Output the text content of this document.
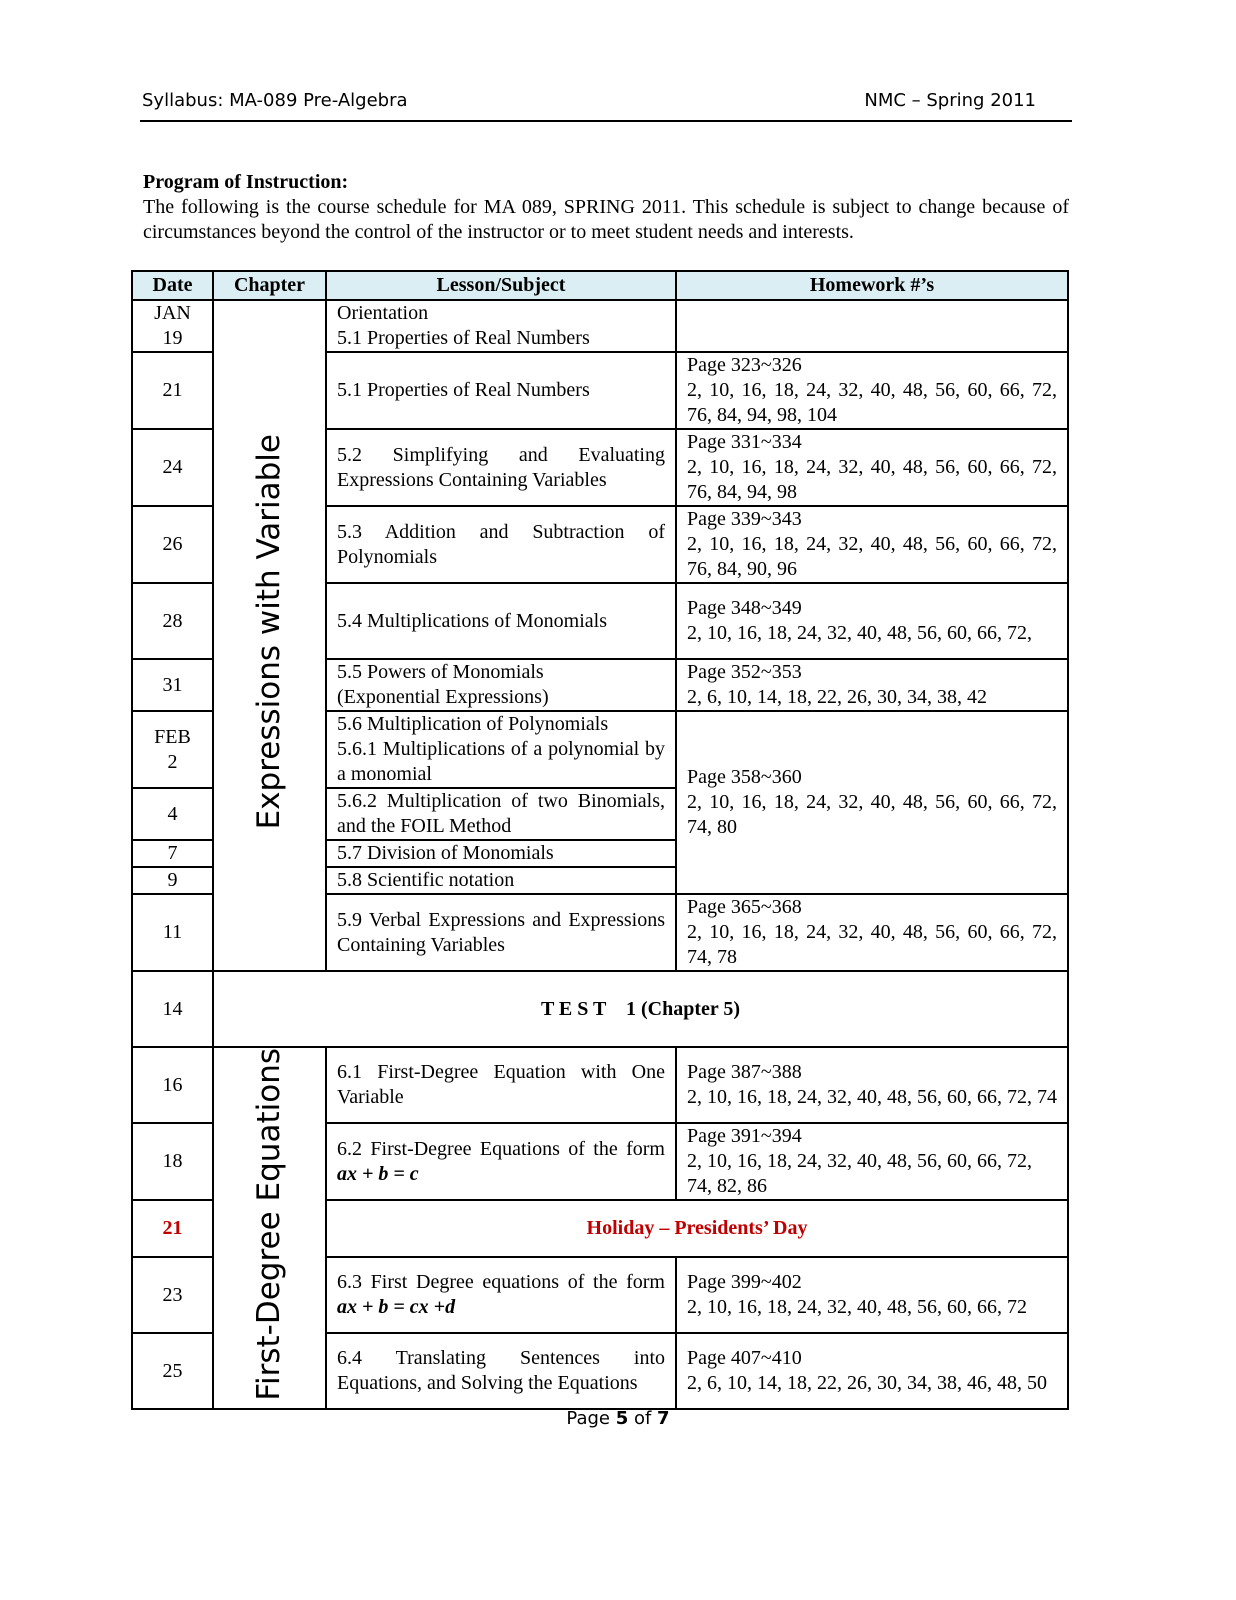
Syllabus: MA-089 Pre-Algebra	NMC – Spring 2011
Program of Instruction:

The following is the course schedule for MA 089, SPRING 2011. This schedule is subject to change because of circumstances beyond the control of the instructor or to meet student needs and interests.

Date	Chapter	Lesson/Subject	Homework #’s

JAN
19	Expressions with Variable	Orientation
5.1 Properties of Real Numbers	

21		5.1 Properties of Real Numbers	Page 323~326
2, 10, 16, 18, 24, 32, 40, 48, 56, 60, 66, 72, 76, 84, 94, 98, 104

24		5.2 Simplifying and Evaluating Expressions Containing Variables	Page 331~334
2, 10, 16, 18, 24, 32, 40, 48, 56, 60, 66, 72, 76, 84, 94, 98

26		5.3 Addition and Subtraction of Polynomials	Page 339~343
2, 10, 16, 18, 24, 32, 40, 48, 56, 60, 66, 72, 76, 84, 90, 96

28		5.4 Multiplications of Monomials	Page 348~349
2, 10, 16, 18, 24, 32, 40, 48, 56, 60, 66, 72,

31		5.5 Powers of Monomials
(Exponential Expressions)	Page 352~353
2, 6, 10, 14, 18, 22, 26, 30, 34, 38, 42

FEB
2		5.6 Multiplication of Polynomials
5.6.1 Multiplications of a polynomial by a monomial	Page 358~360
2, 10, 16, 18, 24, 32, 40, 48, 56, 60, 66, 72, 74, 80

4		5.6.2 Multiplication of two Binomials, and the FOIL Method	

7		5.7 Division of Monomials	
9		5.8 Scientific notation	
11		5.9 Verbal Expressions and Expressions Containing Variables	Page 365~368
2, 10, 16, 18, 24, 32, 40, 48, 56, 60, 66, 72, 74, 78

14	T E S T    1 (Chapter 5)		
16	First-Degree Equations	6.1 First-Degree Equation with One Variable	Page 387~388
2, 10, 16, 18, 24, 32, 40, 48, 56, 60, 66, 72, 74

18		6.2 First-Degree Equations of the form ax + b = c	Page 391~394
2, 10, 16, 18, 24, 32, 40, 48, 56, 60, 66, 72, 74, 82, 86

21		Holiday – Presidents’ Day	
23		6.3 First Degree equations of the form ax + b = cx +d	Page 399~402
2, 10, 16, 18, 24, 32, 40, 48, 56, 60, 66, 72

25		6.4 Translating Sentences into Equations, and Solving the Equations	Page 407~410
2, 6, 10, 14, 18, 22, 26, 30, 34, 38, 46, 48, 50
Page 5 of 7
